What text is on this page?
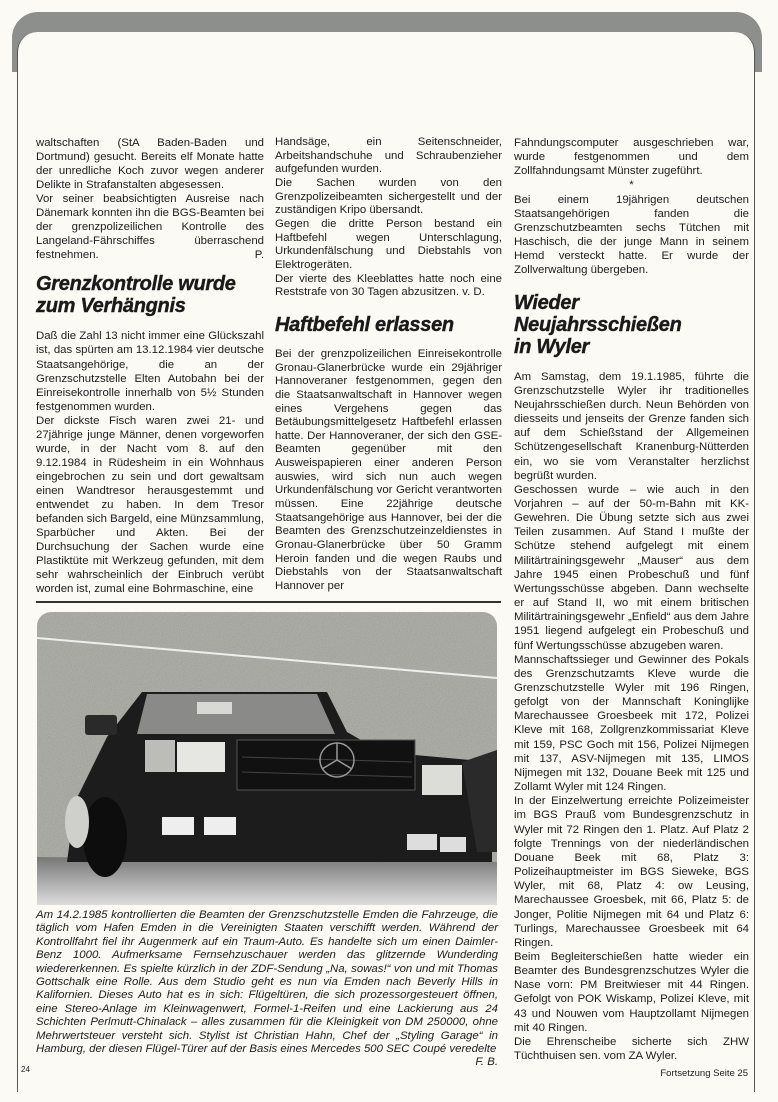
waltschaften (StA Baden-Baden und Dortmund) gesucht. Bereits elf Monate hatte der unredliche Koch zuvor wegen anderer Delikte in Strafanstalten abgesessen.

Vor seiner beabsichtigten Ausreise nach Dänemark konnten ihn die BGS-Beamten bei der grenzpolizeilichen Kontrolle des Langeland-Fährschiffes überraschend festnehmen.	P.

Grenzkontrolle wurde zum Verhängnis

Daß die Zahl 13 nicht immer eine Glückszahl ist, das spürten am 13.12.1984 vier deutsche Staatsangehörige, die an der Grenzschutzstelle Elten Autobahn bei der Einreisekontrolle innerhalb von 5½ Stunden festgenommen wurden.

Der dickste Fisch waren zwei 21- und 27jährige junge Männer, denen vorgeworfen wurde, in der Nacht vom 8. auf den 9.12.1984 in Rüdesheim in ein Wohnhaus eingebrochen zu sein und dort gewaltsam einen Wandtresor herausgestemmt und entwendet zu haben. In dem Tresor befanden sich Bargeld, eine Münzsammlung, Sparbücher und Akten. Bei der Durchsuchung der Sachen wurde eine Plastiktüte mit Werkzeug gefunden, mit dem sehr wahrscheinlich der Einbruch verübt worden ist, zumal eine Bohrmaschine, eine

Handsäge, ein Seitenschneider, Arbeitshandschuhe und Schraubenzieher aufgefunden wurden.

Die Sachen wurden von den Grenzpolizeibeamten sichergestellt und der zuständigen Kripo übersandt.

Gegen die dritte Person bestand ein Haftbefehl wegen Unterschlagung, Urkundenfälschung und Diebstahls von Elektrogeräten.

Der vierte des Kleeblattes hatte noch eine Reststrafe von 30 Tagen abzusitzen. v. D.

Haftbefehl erlassen

Bei der grenzpolizeilichen Einreisekontrolle Gronau-Glanerbrücke wurde ein 29jähriger Hannoveraner festgenommen, gegen den die Staatsanwaltschaft in Hannover wegen eines Vergehens gegen das Betäubungsmittelgesetz Haftbefehl erlassen hatte. Der Hannoveraner, der sich den GSE-Beamten gegenüber mit den Ausweispapieren einer anderen Person auswies, wird sich nun auch wegen Urkundenfälschung vor Gericht verantworten müssen. Eine 22jährige deutsche Staatsangehörige aus Hannover, bei der die Beamten des Grenzschutzeinzeldienstes in Gronau-Glanerbrücke über 50 Gramm Heroin fanden und die wegen Raubs und Diebstahls von der Staatsanwaltschaft Hannover per

Fahndungscomputer ausgeschrieben war, wurde festgenommen und dem Zollfahndungsamt Münster zugeführt.

*

Bei einem 19jährigen deutschen Staatsangehörigen fanden die Grenzschutzbeamten sechs Tütchen mit Haschisch, die der junge Mann in seinem Hemd versteckt hatte. Er wurde der Zollverwaltung übergeben.

Wieder Neujahrsschießen in Wyler

Am Samstag, dem 19.1.1985, führte die Grenzschutzstelle Wyler ihr traditionelles Neujahrsschießen durch. Neun Behörden von diesseits und jenseits der Grenze fanden sich auf dem Schießstand der Allgemeinen Schützengesellschaft Kranenburg-Nütterden ein, wo sie vom Veranstalter herzlichst begrüßt wurden.

Geschossen wurde – wie auch in den Vorjahren – auf der 50-m-Bahn mit KK-Gewehren. Die Übung setzte sich aus zwei Teilen zusammen. Auf Stand I mußte der Schütze stehend aufgelegt mit einem Militärtrainingsgewehr „Mauser“ aus dem Jahre 1945 einen Probeschuß und fünf Wertungsschüsse abgeben. Dann wechselte er auf Stand II, wo mit einem britischen Militärtrainingsgewehr „Enfield“ aus dem Jahre 1951 liegend aufgelegt ein Probeschuß und fünf Wertungsschüsse abzugeben waren.

Mannschaftssieger und Gewinner des Pokals des Grenzschutzamts Kleve wurde die Grenzschutzstelle Wyler mit 196 Ringen, gefolgt von der Mannschaft Koninglijke Marechaussee Groesbeek mit 172, Polizei Kleve mit 168, Zollgrenzkommissariat Kleve mit 159, PSC Goch mit 156, Polizei Nijmegen mit 137, ASV-Nijmegen mit 135, LIMOS Nijmegen mit 132, Douane Beek mit 125 und Zollamt Wyler mit 124 Ringen.

In der Einzelwertung erreichte Polizeimeister im BGS Prauß vom Bundesgrenzschutz in Wyler mit 72 Ringen den 1. Platz. Auf Platz 2 folgte Trennings von der niederländischen Douane Beek mit 68, Platz 3: Polizeihauptmeister im BGS Sieweke, BGS Wyler, mit 68, Platz 4: ow Leusing, Marechaussee Groesbek, mit 66, Platz 5: de Jonger, Politie Nijmegen mit 64 und Platz 6: Turlings, Marechaussee Groesbeek mit 64 Ringen.

Beim Begleiterschießen hatte wieder ein Beamter des Bundesgrenzschutzes Wyler die Nase vorn: PM Breitwieser mit 44 Ringen. Gefolgt von POK Wiskamp, Polizei Kleve, mit 43 und Nouwen vom Hauptzollamt Nijmegen mit 40 Ringen.

Die Ehrenscheibe sicherte sich ZHW Tüchthuisen sen. vom ZA Wyler.

Am 14.2.1985 kontrollierten die Beamten der Grenzschutzstelle Emden die Fahrzeuge, die täglich vom Hafen Emden in die Vereinigten Staaten verschifft werden. Während der Kontrollfahrt fiel ihr Augenmerk auf ein Traum-Auto. Es handelte sich um einen Daimler-Benz 1000. Aufmerksame Fernsehzuschauer werden das glitzernde Wunderding wiedererkennen. Es spielte kürzlich in der ZDF-Sendung „Na, sowas!“ von und mit Thomas Gottschalk eine Rolle. Aus dem Studio geht es nun via Emden nach Beverly Hills in Kalifornien. Dieses Auto hat es in sich: Flügeltüren, die sich prozessorgesteuert öffnen, eine Stereo-Anlage im Kleinwagenwert, Formel-1-Reifen und eine Lackierung aus 24 Schichten Perlmutt-Chinalack – alles zusammen für die Kleinigkeit von DM 250000, ohne Mehrwertsteuer versteht sich. Stylist ist Christian Hahn, Chef der „Styling Garage“ in Hamburg, der diesen Flügel-Türer auf der Basis eines Mercedes 500 SEC Coupé veredelte
F. B.
24	Fortsetzung Seite 25
